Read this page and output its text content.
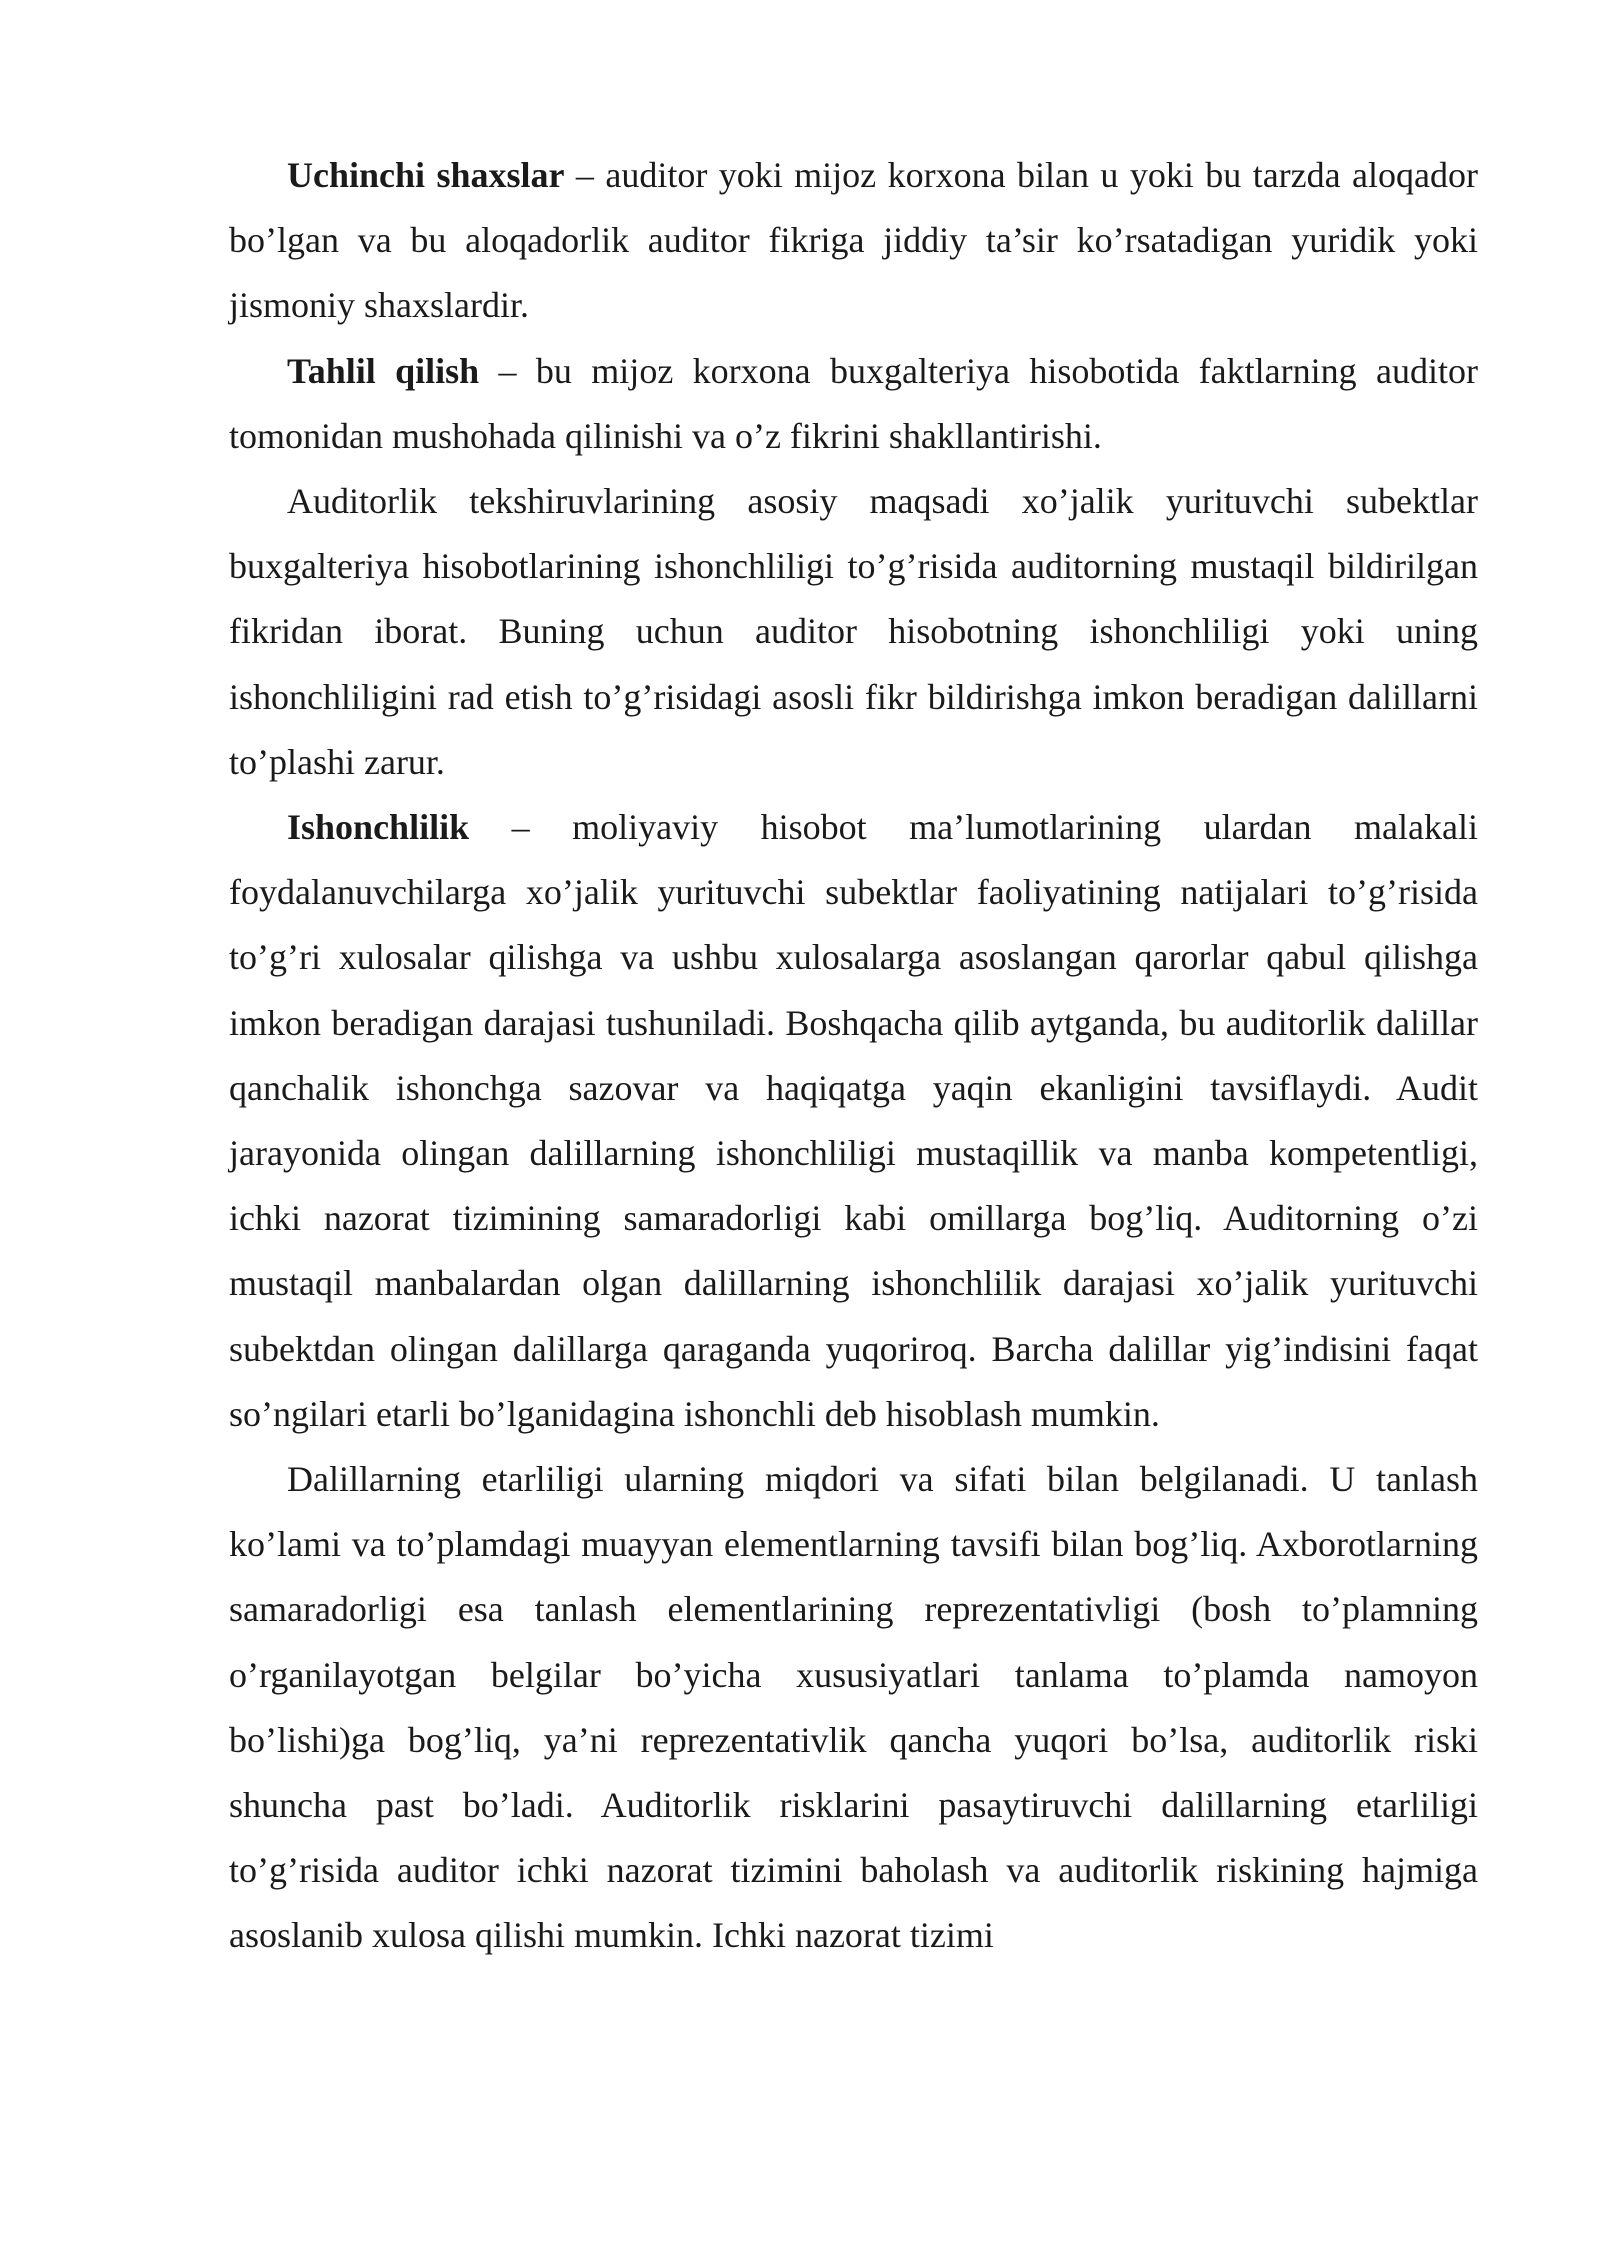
Uchinchi shaxslar – auditor yoki mijoz korxona bilan u yoki bu tarzda aloqador bo’lgan va bu aloqadorlik auditor fikriga jiddiy ta’sir ko’rsatadigan yuridik yoki jismoniy shaxslardir.

Tahlil qilish – bu mijoz korxona buxgalteriya hisobotida faktlarning auditor tomonidan mushohada qilinishi va o’z fikrini shakllantirishi.

Auditorlik tekshiruvlarining asosiy maqsadi xo’jalik yurituvchi subektlar buxgalteriya hisobotlarining ishonchliligi to’g’risida auditorning mustaqil bildirilgan fikridan iborat. Buning uchun auditor hisobotning ishonchliligi yoki uning ishonchliligini rad etish to’g’risidagi asosli fikr bildirishga imkon beradigan dalillarni to’plashi zarur.

Ishonchlilik – moliyaviy hisobot ma’lumotlarining ulardan malakali foydalanuvchilarga xo’jalik yurituvchi subektlar faoliyatining natijalari to’g’risida to’g’ri xulosalar qilishga va ushbu xulosalarga asoslangan qarorlar qabul qilishga imkon beradigan darajasi tushuniladi. Boshqacha qilib aytganda, bu auditorlik dalillar qanchalik ishonchga sazovar va haqiqatga yaqin ekanligini tavsiflaydi. Audit jarayonida olingan dalillarning ishonchliligi mustaqillik va manba kompetentligi, ichki nazorat tizimining samaradorligi kabi omillarga bog’liq. Auditorning o’zi mustaqil manbalardan olgan dalillarning ishonchlilik darajasi xo’jalik yurituvchi subektdan olingan dalillarga qaraganda yuqoriroq. Barcha dalillar yig’indisini faqat so’ngilari etarli bo’lganidagina ishonchli deb hisoblash mumkin.

Dalillarning etarliligi ularning miqdori va sifati bilan belgilanadi. U tanlash ko’lami va to’plamdagi muayyan elementlarning tavsifi bilan bog’liq. Axborotlarning samaradorligi esa tanlash elementlarining reprezentativligi (bosh to’plamning o’rganilayotgan belgilar bo’yicha xususiyatlari tanlama to’plamda namoyon bo’lishi)ga bog’liq, ya’ni reprezentativlik qancha yuqori bo’lsa, auditorlik riski shuncha past bo’ladi. Auditorlik risklarini pasaytiruvchi dalillarning etarliligi to’g’risida auditor ichki nazorat tizimini baholash va auditorlik riskining hajmiga asoslanib xulosa qilishi mumkin. Ichki nazorat tizimi
